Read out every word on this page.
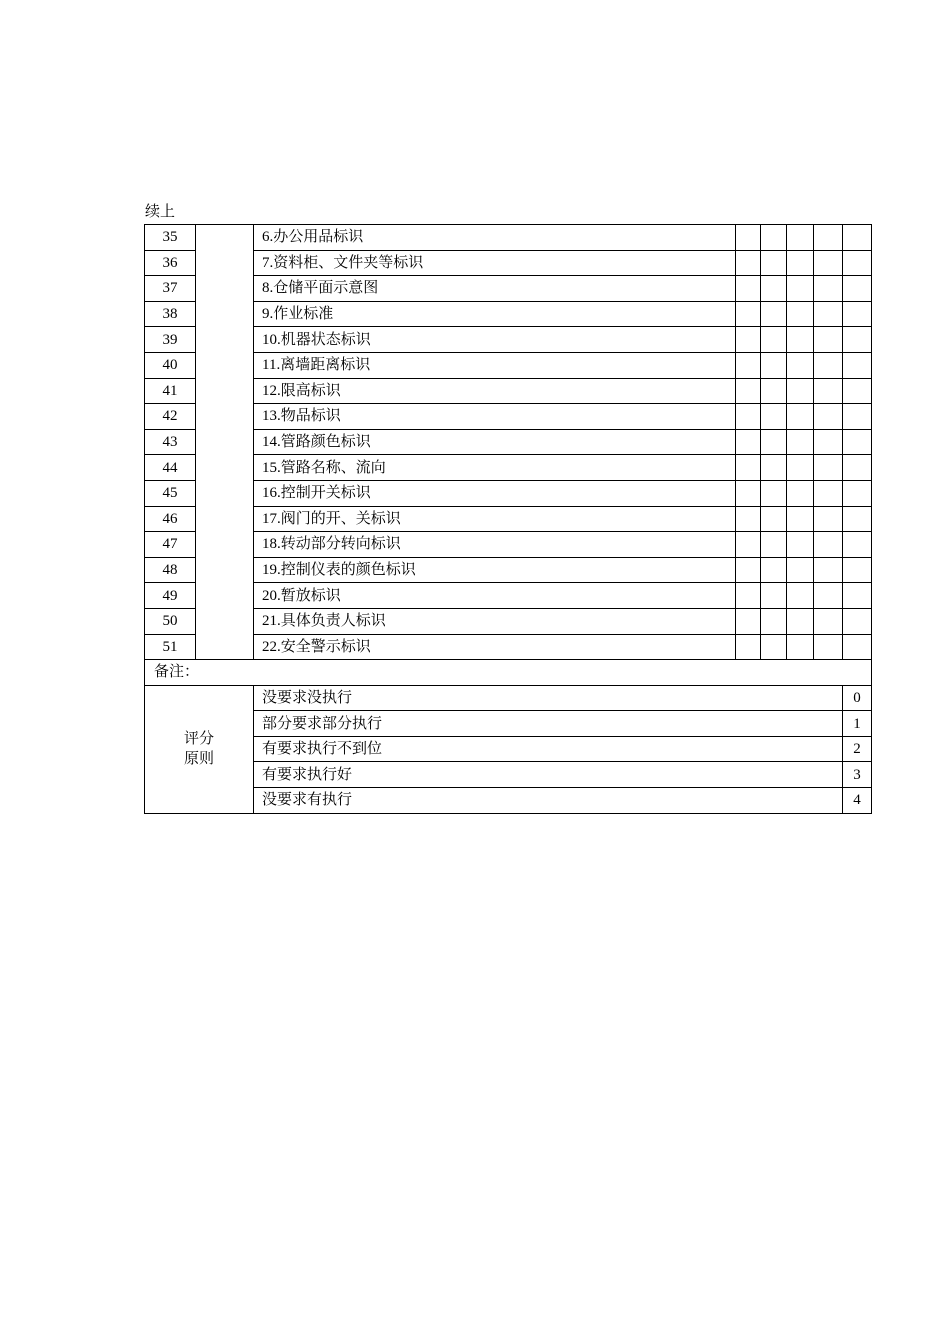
续上
35		6.办公用品标识					
36		7.资料柜、文件夹等标识					
37		8.仓储平面示意图					
38		9.作业标准					
39		10.机器状态标识					
40		11.离墙距离标识					
41		12.限高标识					
42		13.物品标识					
43		14.管路颜色标识					
44		15.管路名称、流向					
45		16.控制开关标识					
46		17.阀门的开、关标识					
47		18.转动部分转向标识					
48		19.控制仪表的颜色标识					
49		20.暂放标识					
50		21.具体负责人标识					
51		22.安全警示标识					
备注：							

评分
原则		没要求没执行					0
		部分要求部分执行					1
		有要求执行不到位					2
		有要求执行好					3
		没要求有执行					4
